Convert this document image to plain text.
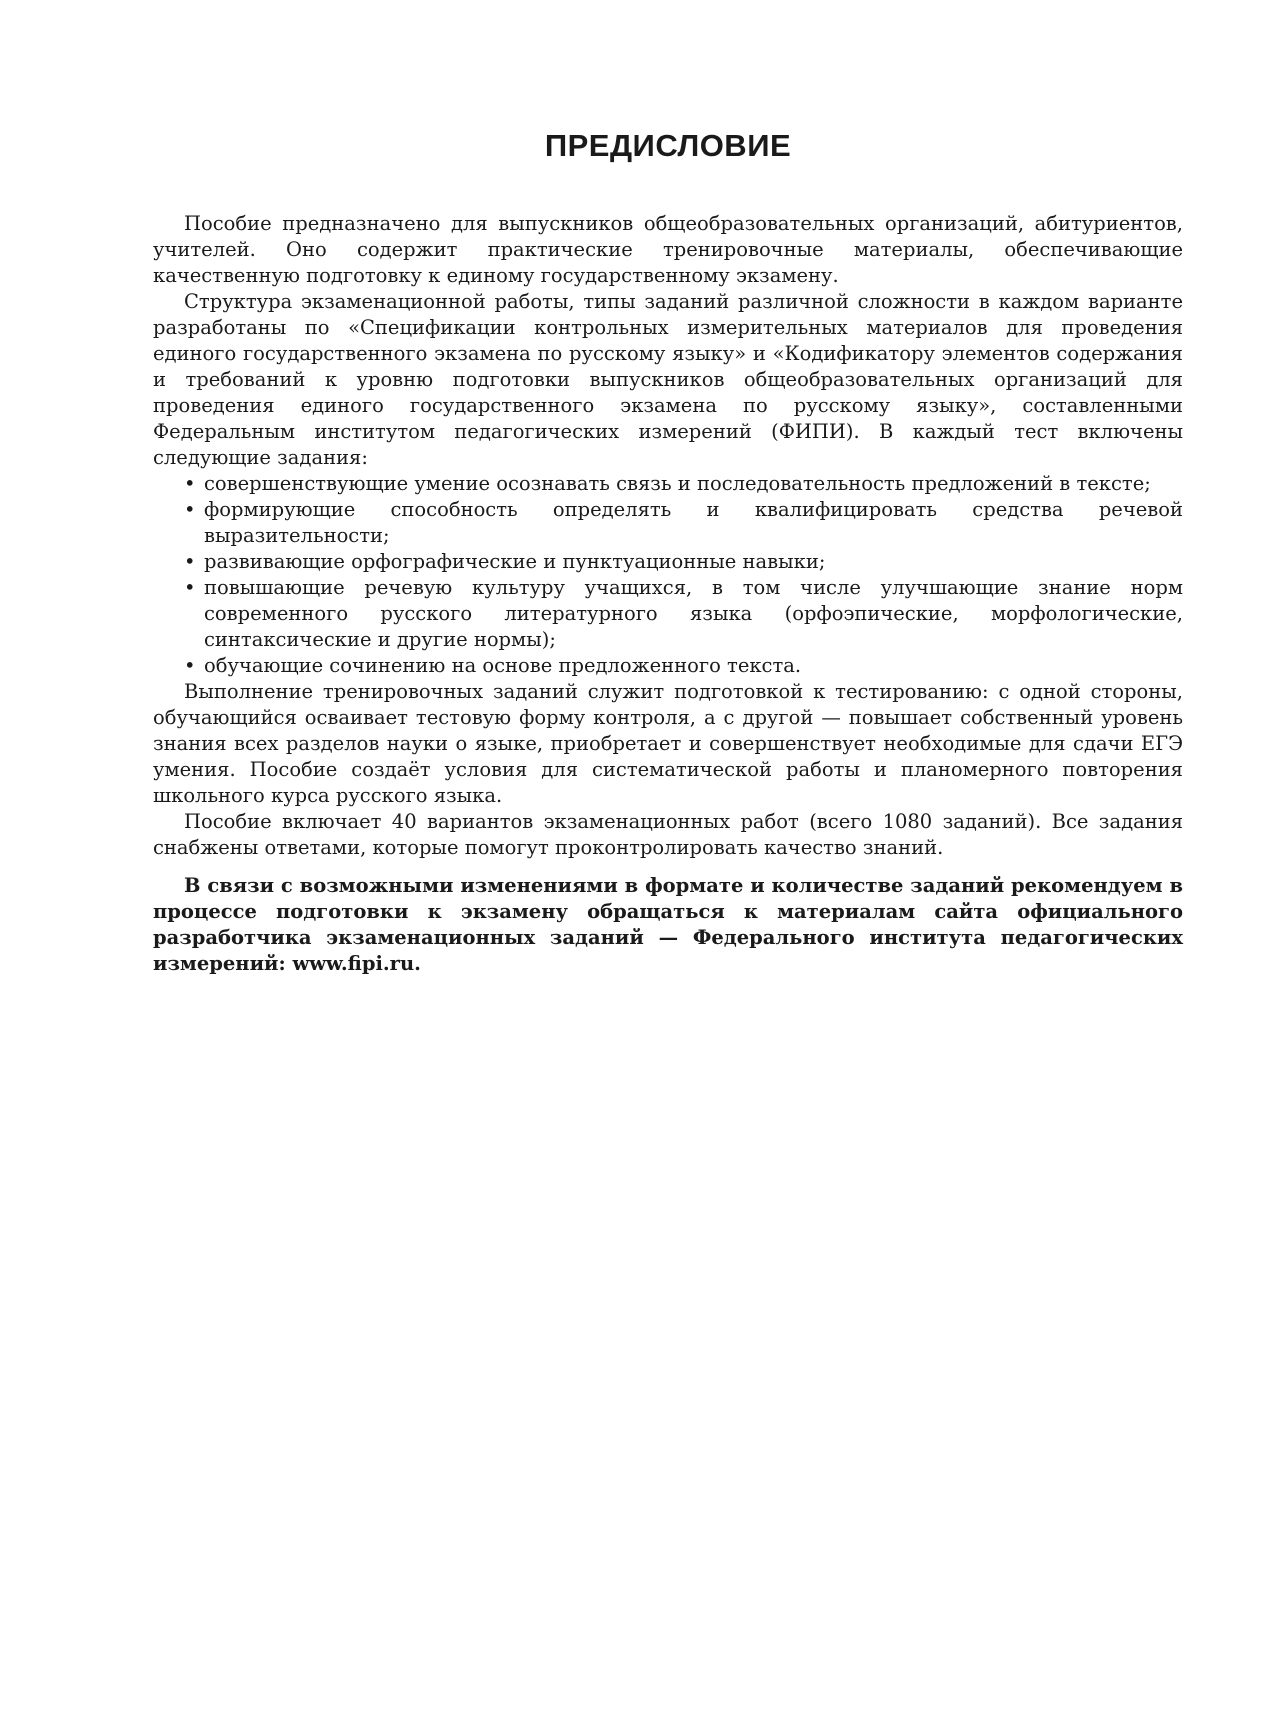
ПРЕДИСЛОВИЕ

Пособие предназначено для выпускников общеобразовательных организаций, абитуриентов, учителей. Оно содержит практические тренировочные материалы, обеспечивающие качественную подготовку к единому государственному экзамену.

Структура экзаменационной работы, типы заданий различной сложности в каждом варианте разработаны по «Спецификации контрольных измерительных материалов для проведения единого государственного экзамена по русскому языку» и «Кодификатору элементов содержания и требований к уровню подготовки выпускников общеобразовательных организаций для проведения единого государственного экзамена по русскому языку», составленными Федеральным институтом педагогических измерений (ФИПИ). В каждый тест включены следующие задания:

• совершенствующие умение осознавать связь и последовательность предложений в тексте;
• формирующие способность определять и квалифицировать средства речевой выразительности;
• развивающие орфографические и пунктуационные навыки;
• повышающие речевую культуру учащихся, в том числе улучшающие знание норм современного русского литературного языка (орфоэпические, морфологические, синтаксические и другие нормы);
• обучающие сочинению на основе предложенного текста.

Выполнение тренировочных заданий служит подготовкой к тестированию: с одной стороны, обучающийся осваивает тестовую форму контроля, а с другой — повышает собственный уровень знания всех разделов науки о языке, приобретает и совершенствует необходимые для сдачи ЕГЭ умения. Пособие создаёт условия для систематической работы и планомерного повторения школьного курса русского языка.

Пособие включает 40 вариантов экзаменационных работ (всего 1080 заданий). Все задания снабжены ответами, которые помогут проконтролировать качество знаний.

В связи с возможными изменениями в формате и количестве заданий рекомендуем в процессе подготовки к экзамену обращаться к материалам сайта официального разработчика экзаменационных заданий — Федерального института педагогических измерений: www.fipi.ru.
